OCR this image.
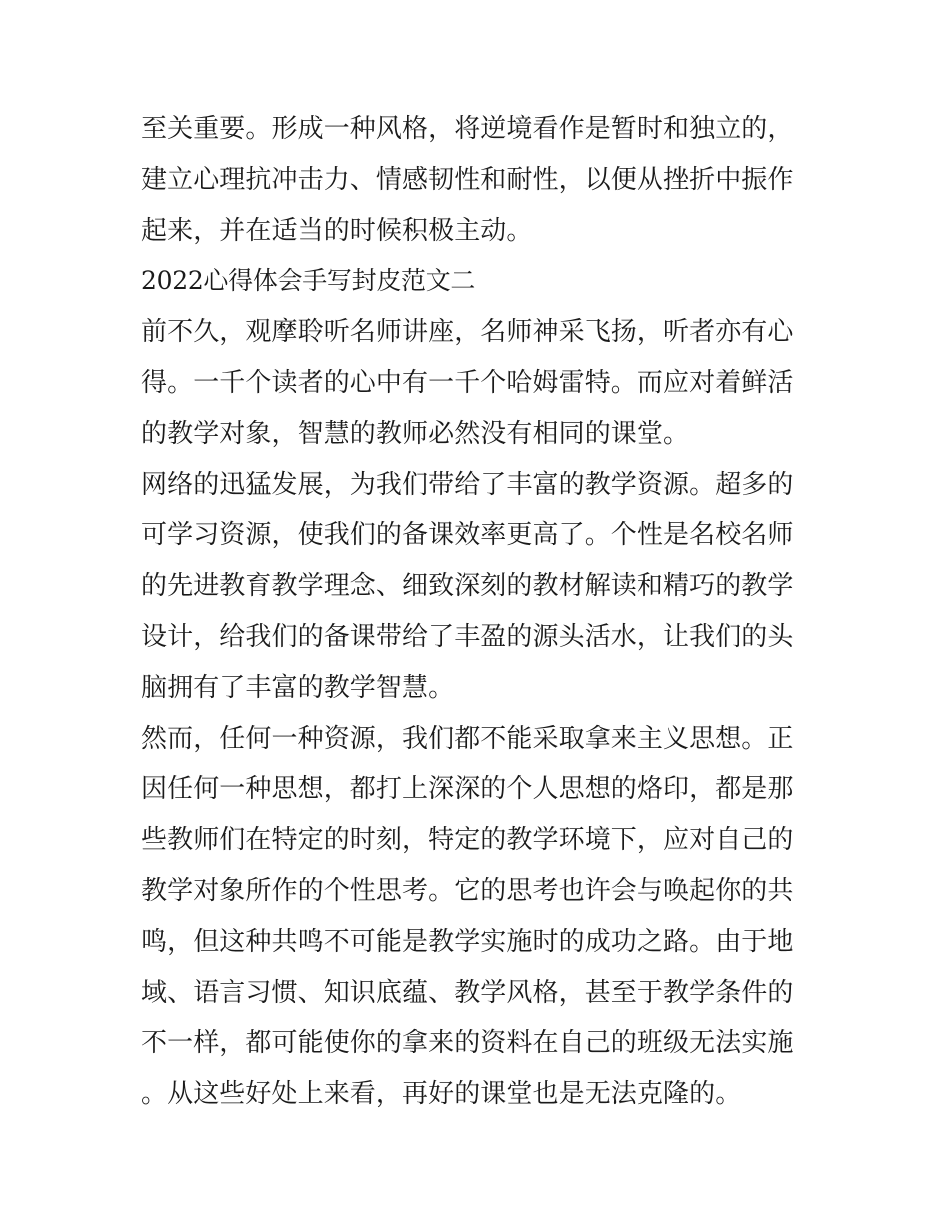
至关重要。形成一种风格，将逆境看作是暂时和独立的，建立心理抗冲击力、情感韧性和耐性，以便从挫折中振作起来，并在适当的时候积极主动。

2022心得体会手写封皮范文二

前不久，观摩聆听名师讲座，名师神采飞扬，听者亦有心得。一千个读者的心中有一千个哈姆雷特。而应对着鲜活的教学对象，智慧的教师必然没有相同的课堂。

网络的迅猛发展，为我们带给了丰富的教学资源。超多的可学习资源，使我们的备课效率更高了。个性是名校名师的先进教育教学理念、细致深刻的教材解读和精巧的教学设计，给我们的备课带给了丰盈的源头活水，让我们的头脑拥有了丰富的教学智慧。

然而，任何一种资源，我们都不能采取拿来主义思想。正因任何一种思想，都打上深深的个人思想的烙印，都是那些教师们在特定的时刻，特定的教学环境下，应对自己的教学对象所作的个性思考。它的思考也许会与唤起你的共鸣，但这种共鸣不可能是教学实施时的成功之路。由于地域、语言习惯、知识底蕴、教学风格，甚至于教学条件的不一样，都可能使你的拿来的资料在自己的班级无法实施。从这些好处上来看，再好的课堂也是无法克隆的。
